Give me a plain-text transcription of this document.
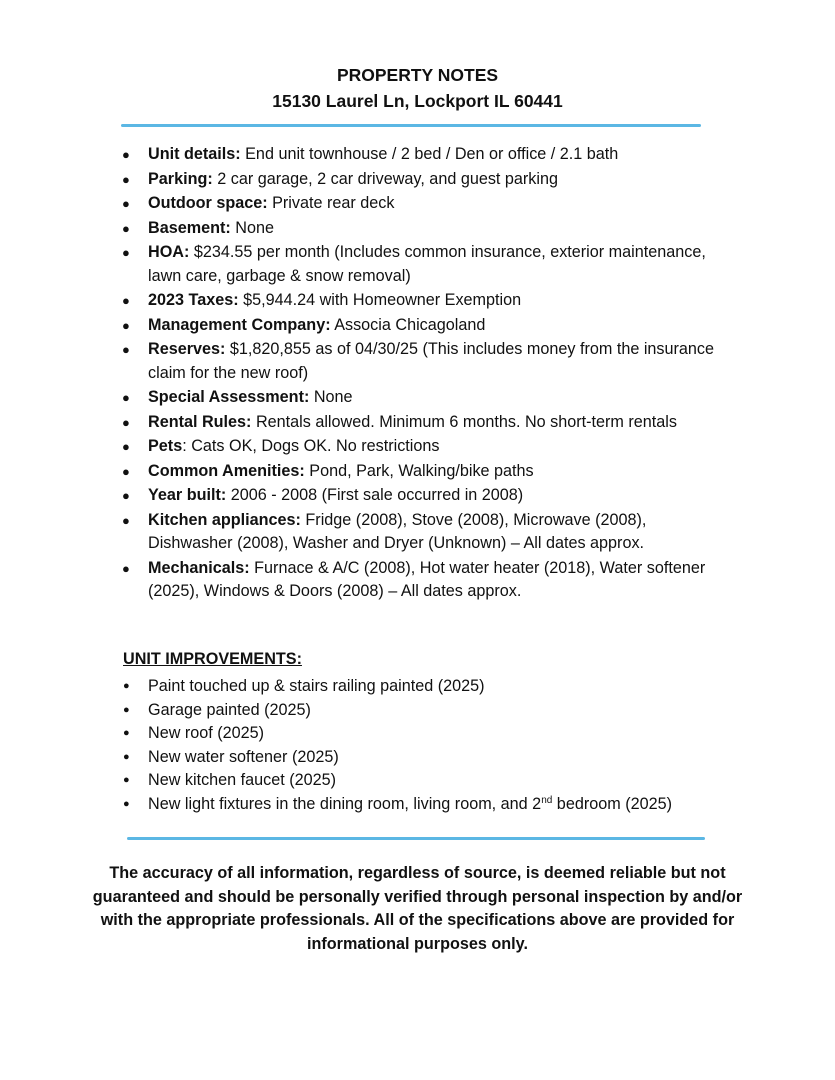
PROPERTY NOTES
15130 Laurel Ln, Lockport IL 60441
● Unit details: End unit townhouse / 2 bed / Den or office / 2.1 bath
● Parking: 2 car garage, 2 car driveway, and guest parking
● Outdoor space: Private rear deck
● Basement: None
● HOA: $234.55 per month (Includes common insurance, exterior maintenance, lawn care, garbage & snow removal)
● 2023 Taxes: $5,944.24 with Homeowner Exemption
● Management Company: Associa Chicagoland
● Reserves: $1,820,855 as of 04/30/25 (This includes money from the insurance claim for the new roof)
● Special Assessment: None
● Rental Rules: Rentals allowed. Minimum 6 months. No short-term rentals
● Pets: Cats OK, Dogs OK. No restrictions
● Common Amenities: Pond, Park, Walking/bike paths
● Year built: 2006 - 2008 (First sale occurred in 2008)
● Kitchen appliances: Fridge (2008), Stove (2008), Microwave (2008), Dishwasher (2008), Washer and Dryer (Unknown) – All dates approx.
● Mechanicals: Furnace & A/C (2008), Hot water heater (2018), Water softener (2025), Windows & Doors (2008) – All dates approx.
UNIT IMPROVEMENTS:
● Paint touched up & stairs railing painted (2025)
● Garage painted (2025)
● New roof (2025)
● New water softener (2025)
● New kitchen faucet (2025)
● New light fixtures in the dining room, living room, and 2nd bedroom (2025)
The accuracy of all information, regardless of source, is deemed reliable but not guaranteed and should be personally verified through personal inspection by and/or with the appropriate professionals. All of the specifications above are provided for informational purposes only.
